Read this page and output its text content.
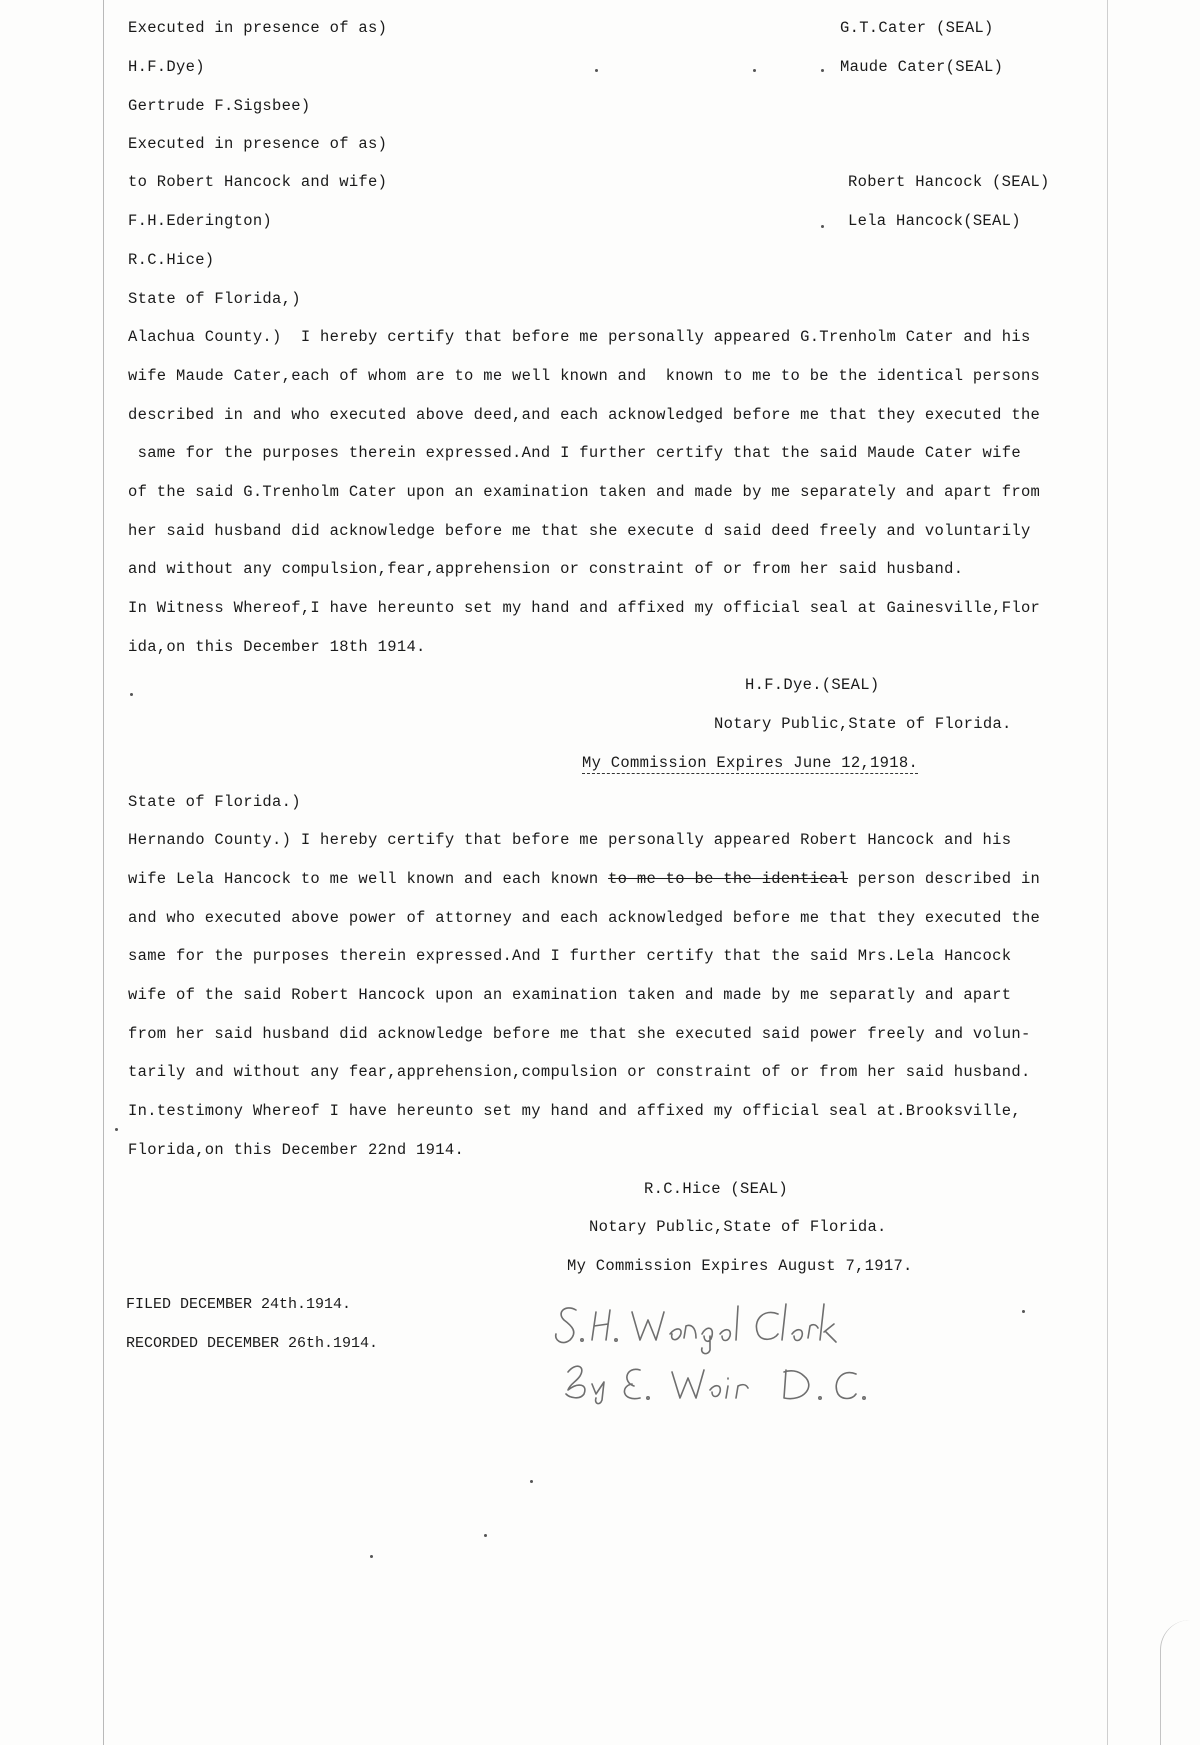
Executed in presence of as)
H.F.Dye)
Gertrude F.Sigsbee)
G.T.Cater (SEAL)
Maude Cater(SEAL)
Executed in presence of as)
to Robert Hancock and wife)
F.H.Ederington)
R.C.Hice)
Robert Hancock (SEAL)
Lela Hancock(SEAL)
State of Florida,)
Alachua County.)  I hereby certify that before me personally appeared G.Trenholm Cater and his
wife Maude Cater,each of whom are to me well known and  known to me to be the identical persons
described in and who executed above deed,and each acknowledged before me that they executed the
same for the purposes therein expressed.And I further certify that the said Maude Cater wife
of the said G.Trenholm Cater upon an examination taken and made by me separately and apart from
her said husband did acknowledge before me that she execute d said deed freely and voluntarily
and without any compulsion,fear,apprehension or constraint of or from her said husband.
In Witness Whereof,I have hereunto set my hand and affixed my official seal at Gainesville,Flor
ida,on this December 18th 1914.
H.F.Dye.(SEAL)
Notary Public,State of Florida.
My Commission Expires June 12,1918.
State of Florida.)
Hernando County.) I hereby certify that before me personally appeared Robert Hancock and his
wife Lela Hancock to me well known and each known to me to be the identical person described in
and who executed above power of attorney and each acknowledged before me that they executed the
same for the purposes therein expressed.And I further certify that the said Mrs.Lela Hancock
wife of the said Robert Hancock upon an examination taken and made by me separatly and apart
from her said husband did acknowledge before me that she executed said power freely and volun-
tarily and without any fear,apprehension,compulsion or constraint of or from her said husband.
In.testimony Whereof I have hereunto set my hand and affixed my official seal at.Brooksville,
Florida,on this December 22nd 1914.
R.C.Hice (SEAL)
Notary Public,State of Florida.
My Commission Expires August 7,1917.
FILED DECEMBER 24th.1914.
RECORDED DECEMBER 26th.1914.
